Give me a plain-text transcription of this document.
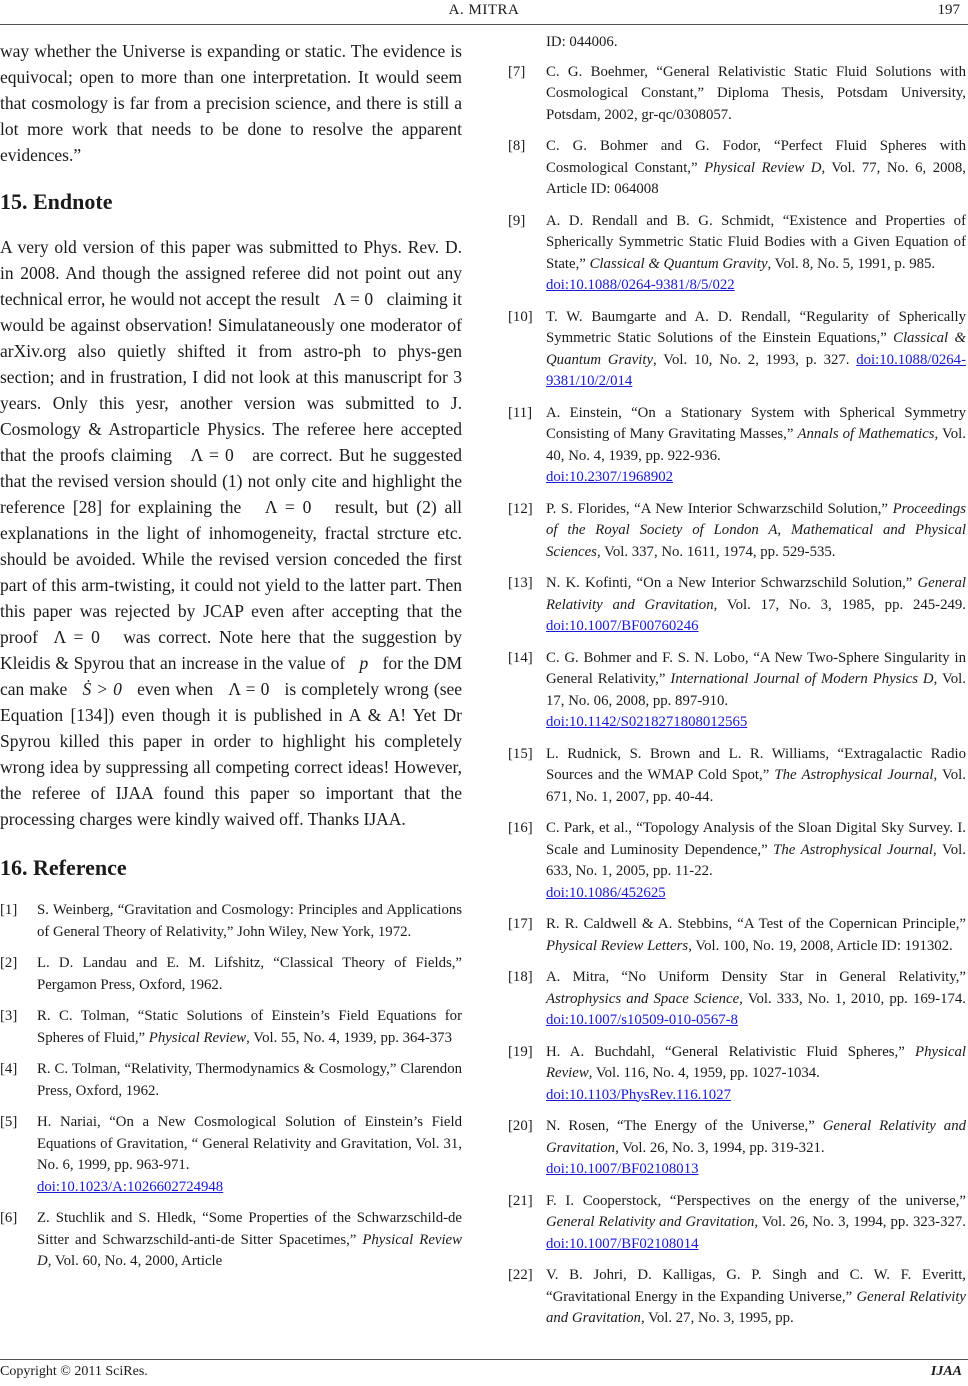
A. MITRA	197

way whether the Universe is expanding or static. The evidence is equivocal; open to more than one interpretation. It would seem that cosmology is far from a precision science, and there is still a lot more work that needs to be done to resolve the apparent evidences.”

15. Endnote

A very old version of this paper was submitted to Phys. Rev. D. in 2008. And though the assigned referee did not point out any technical error, he would not accept the result Λ = 0 claiming it would be against observation! Simulataneously one moderator of arXiv.org also quietly shifted it from astro-ph to phys-gen section; and in frustration, I did not look at this manuscript for 3 years. Only this yesr, another version was submitted to J. Cosmology & Astroparticle Physics. The referee here accepted that the proofs claiming Λ = 0 are correct. But he suggested that the revised version should (1) not only cite and highlight the reference [28] for explaining the Λ = 0 result, but (2) all explanations in the light of inhomogeneity, fractal strcture etc. should be avoided. While the revised version conceded the first part of this arm-twisting, it could not yield to the latter part. Then this paper was rejected by JCAP even after accepting that the proof Λ = 0 was correct. Note here that the suggestion by Kleidis & Spyrou that an increase in the value of p for the DM can make Ṡ > 0 even when Λ = 0 is completely wrong (see Equation [134]) even though it is published in A & A! Yet Dr Spyrou killed this paper in order to highlight his completely wrong idea by suppressing all competing correct ideas! However, the referee of IJAA found this paper so important that the processing charges were kindly waived off. Thanks IJAA.

16. Reference
[1]	S. Weinberg, “Gravitation and Cosmology: Principles and Applications of General Theory of Relativity,” John Wiley, New York, 1972.
[2]	L. D. Landau and E. M. Lifshitz, “Classical Theory of Fields,” Pergamon Press, Oxford, 1962.
[3]	R. C. Tolman, “Static Solutions of Einstein’s Field Equations for Spheres of Fluid,” Physical Review, Vol. 55, No. 4, 1939, pp. 364-373
[4]	R. C. Tolman, “Relativity, Thermodynamics & Cosmology,” Clarendon Press, Oxford, 1962.
[5]	H. Nariai, “On a New Cosmological Solution of Einstein’s Field Equations of Gravitation, “ General Relativity and Gravitation, Vol. 31, No. 6, 1999, pp. 963-971.
doi:10.1023/A:1026602724948
[6]	Z. Stuchlik and S. Hledk, “Some Properties of the Schwarzschild-de Sitter and Schwarzschild-anti-de Sitter Spacetimes,” Physical Review D, Vol. 60, No. 4, 2000, Article
ID: 044006.
[7]	C. G. Boehmer, “General Relativistic Static Fluid Solutions with Cosmological Constant,” Diploma Thesis, Potsdam University, Potsdam, 2002, gr-qc/0308057.
[8]	C. G. Bohmer and G. Fodor, “Perfect Fluid Spheres with Cosmological Constant,” Physical Review D, Vol. 77, No. 6, 2008, Article ID: 064008
[9]	A. D. Rendall and B. G. Schmidt, “Existence and Properties of Spherically Symmetric Static Fluid Bodies with a Given Equation of State,” Classical & Quantum Gravity, Vol. 8, No. 5, 1991, p. 985.
doi:10.1088/0264-9381/8/5/022
[10] T. W. Baumgarte and A. D. Rendall, “Regularity of Spherically Symmetric Static Solutions of the Einstein Equations,” Classical & Quantum Gravity, Vol. 10, No. 2, 1993, p. 327. doi:10.1088/0264-9381/10/2/014
[11] A. Einstein, “On a Stationary System with Spherical Symmetry Consisting of Many Gravitating Masses,” Annals of Mathematics, Vol. 40, No. 4, 1939, pp. 922-936.
doi:10.2307/1968902
[12] P. S. Florides, “A New Interior Schwarzschild Solution,” Proceedings of the Royal Society of London A, Mathematical and Physical Sciences, Vol. 337, No. 1611, 1974, pp. 529-535.
[13] N. K. Kofinti, “On a New Interior Schwarzschild Solution,” General Relativity and Gravitation, Vol. 17, No. 3, 1985, pp. 245-249. doi:10.1007/BF00760246
[14] C. G. Bohmer and F. S. N. Lobo, “A New Two-Sphere Singularity in General Relativity,” International Journal of Modern Physics D, Vol. 17, No. 06, 2008, pp. 897-910.
doi:10.1142/S0218271808012565
[15] L. Rudnick, S. Brown and L. R. Williams, “Extragalactic Radio Sources and the WMAP Cold Spot,” The Astrophysical Journal, Vol. 671, No. 1, 2007, pp. 40-44.
[16] C. Park, et al., “Topology Analysis of the Sloan Digital Sky Survey. I. Scale and Luminosity Dependence,” The Astrophysical Journal, Vol. 633, No. 1, 2005, pp. 11-22.
doi:10.1086/452625
[17] R. R. Caldwell & A. Stebbins, “A Test of the Copernican Principle,” Physical Review Letters, Vol. 100, No. 19, 2008, Article ID: 191302.
[18] A. Mitra, “No Uniform Density Star in General Relativity,” Astrophysics and Space Science, Vol. 333, No. 1, 2010, pp. 169-174. doi:10.1007/s10509-010-0567-8
[19] H. A. Buchdahl, “General Relativistic Fluid Spheres,” Physical Review, Vol. 116, No. 4, 1959, pp. 1027-1034.
doi:10.1103/PhysRev.116.1027
[20] N. Rosen, “The Energy of the Universe,” General Relativity and Gravitation, Vol. 26, No. 3, 1994, pp. 319-321.
doi:10.1007/BF02108013
[21] F. I. Cooperstock, “Perspectives on the energy of the universe,” General Relativity and Gravitation, Vol. 26, No. 3, 1994, pp. 323-327. doi:10.1007/BF02108014
[22] V. B. Johri, D. Kalligas, G. P. Singh and C. W. F. Everitt, “Gravitational Energy in the Expanding Universe,” General Relativity and Gravitation, Vol. 27, No. 3, 1995, pp.
Copyright © 2011 SciRes.	IJAA
